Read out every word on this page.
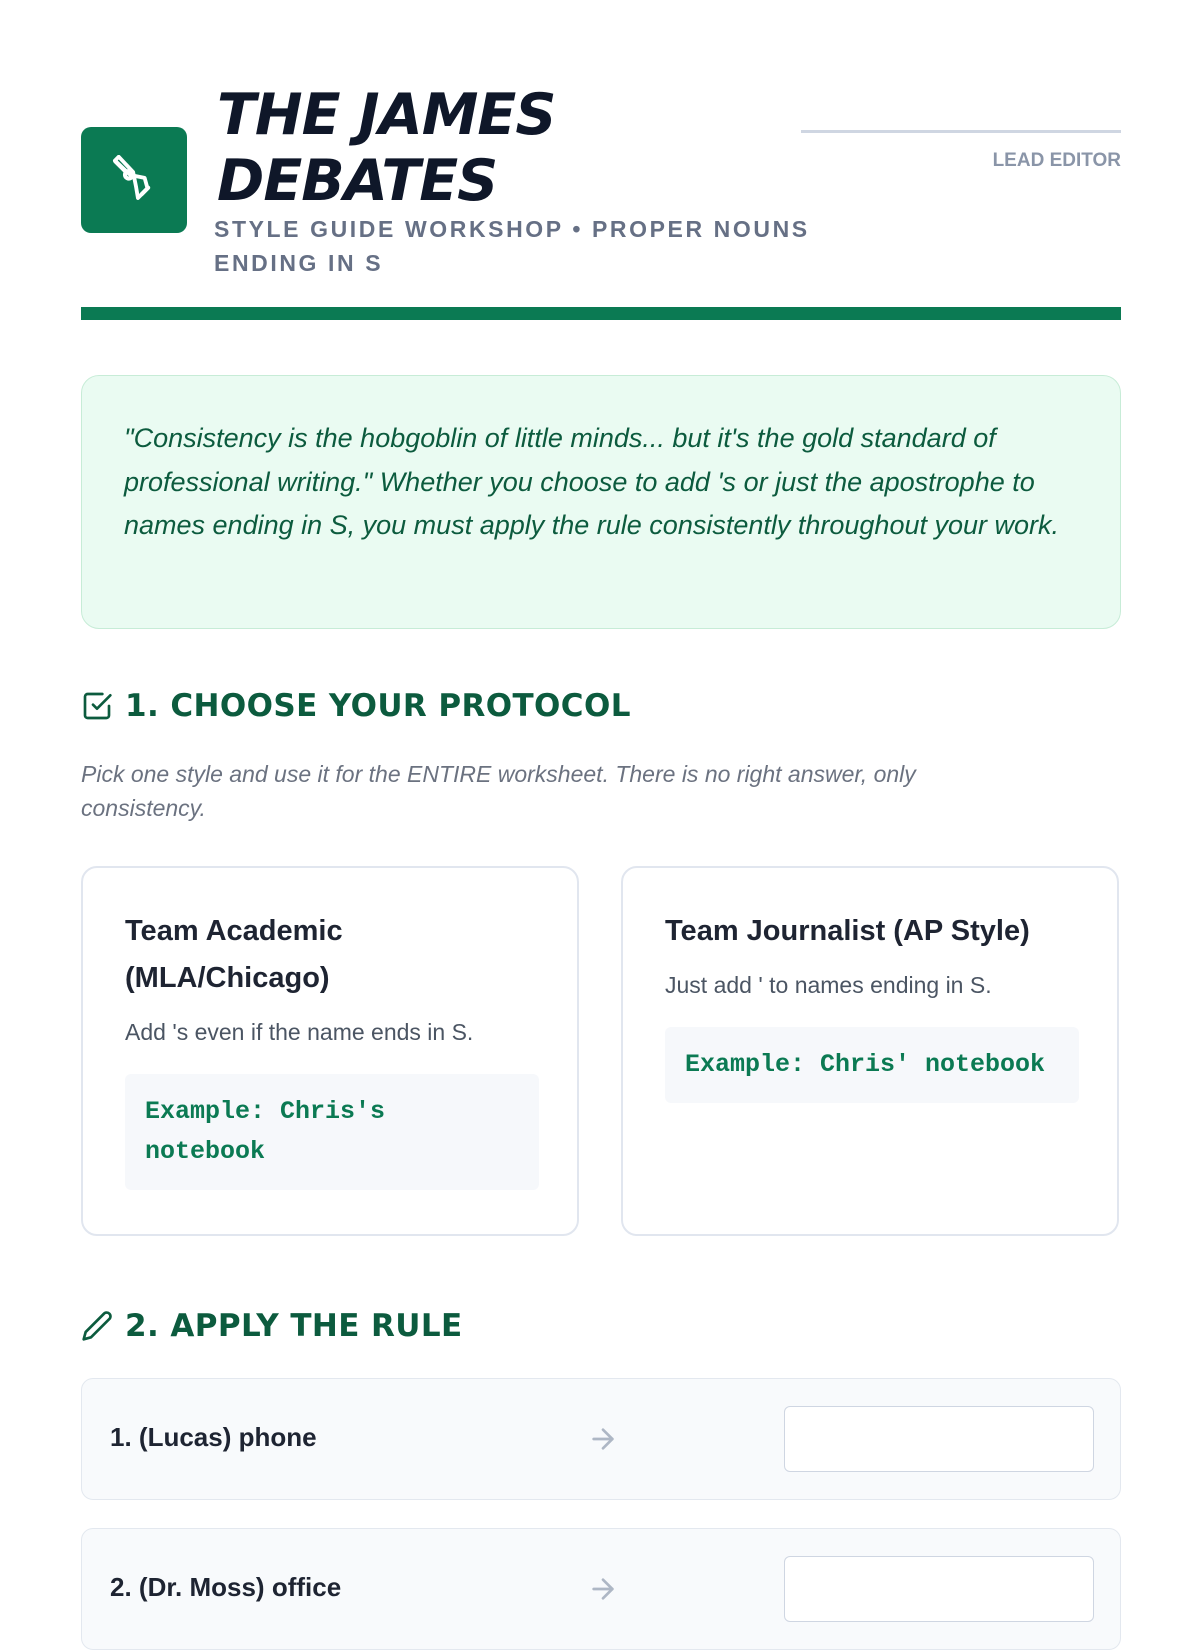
THE JAMES
DEBATES

STYLE GUIDE WORKSHOP • PROPER NOUNS ENDING IN S

LEAD EDITOR

"Consistency is the hobgoblin of little minds... but it's the gold standard of professional writing." Whether you choose to add 's or just the apostrophe to names ending in S, you must apply the rule consistently throughout your work.

1. CHOOSE YOUR PROTOCOL

Pick one style and use it for the ENTIRE worksheet. There is no right answer, only consistency.

Team Academic (MLA/Chicago)

Add 's even if the name ends in S.

Example: Chris's notebook

Team Journalist (AP Style)

Just add ' to names ending in S.

Example: Chris' notebook

2. APPLY THE RULE

1. (Lucas) phone

2. (Dr. Moss) office
